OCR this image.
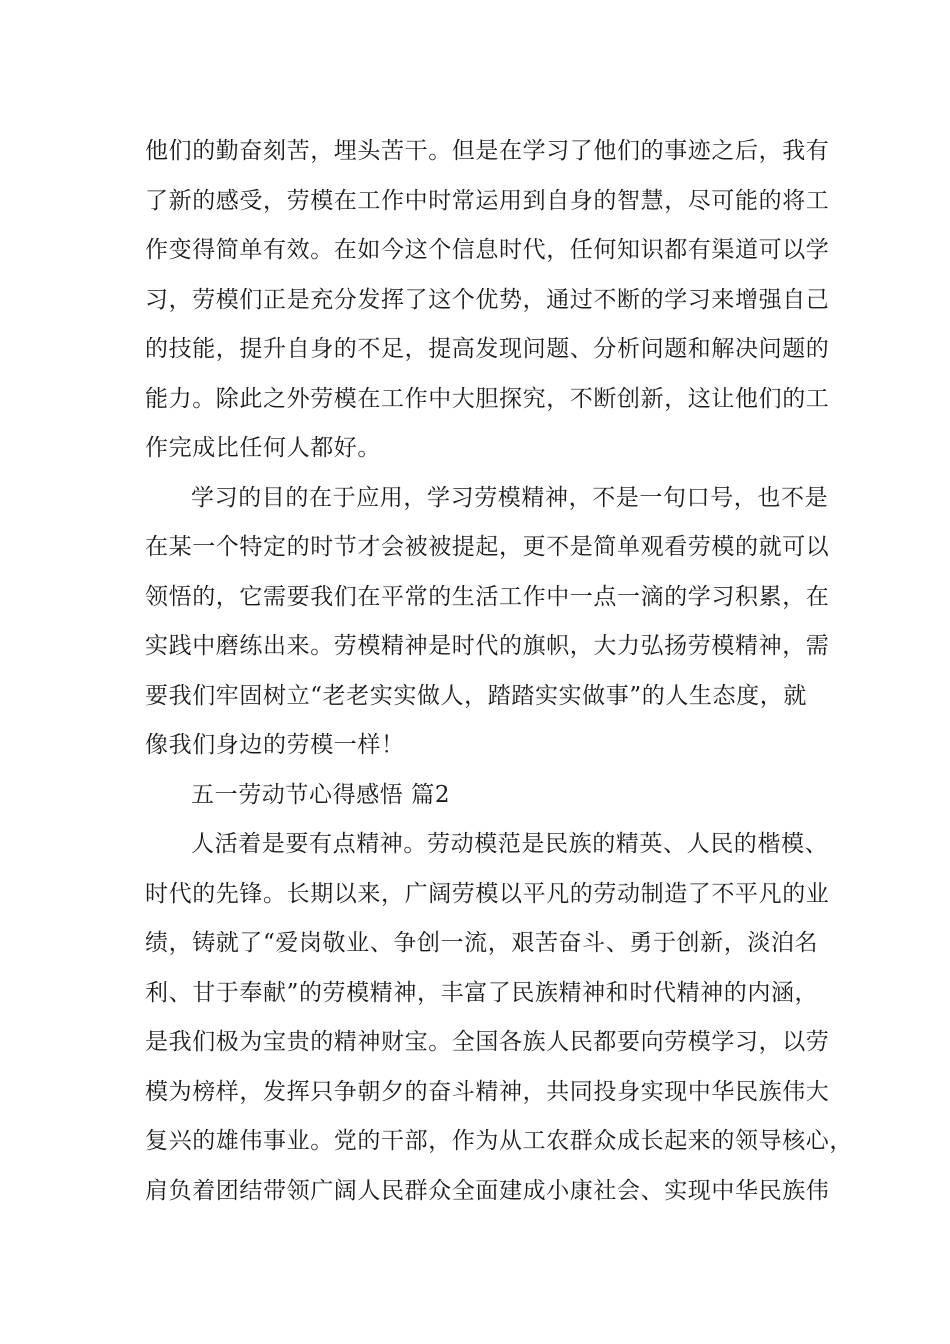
他们的勤奋刻苦，埋头苦干。但是在学习了他们的事迹之后，我有
了新的感受，劳模在工作中时常运用到自身的智慧，尽可能的将工
作变得简单有效。在如今这个信息时代，任何知识都有渠道可以学
习，劳模们正是充分发挥了这个优势，通过不断的学习来增强自己
的技能，提升自身的不足，提高发现问题、分析问题和解决问题的
能力。除此之外劳模在工作中大胆探究，不断创新，这让他们的工
作完成比任何人都好。
学习的目的在于应用，学习劳模精神，不是一句口号，也不是
在某一个特定的时节才会被被提起，更不是简单观看劳模的就可以
领悟的，它需要我们在平常的生活工作中一点一滴的学习积累，在
实践中磨练出来。劳模精神是时代的旗帜，大力弘扬劳模精神，需
要我们牢固树立“老老实实做人，踏踏实实做事”的人生态度，就
像我们身边的劳模一样！
五一劳动节心得感悟 篇2
人活着是要有点精神。劳动模范是民族的精英、人民的楷模、
时代的先锋。长期以来，广阔劳模以平凡的劳动制造了不平凡的业
绩，铸就了“爱岗敬业、争创一流，艰苦奋斗、勇于创新，淡泊名
利、甘于奉献”的劳模精神，丰富了民族精神和时代精神的内涵，
是我们极为宝贵的精神财宝。全国各族人民都要向劳模学习，以劳
模为榜样，发挥只争朝夕的奋斗精神，共同投身实现中华民族伟大
复兴的雄伟事业。党的干部，作为从工农群众成长起来的领导核心，
肩负着团结带领广阔人民群众全面建成小康社会、实现中华民族伟
